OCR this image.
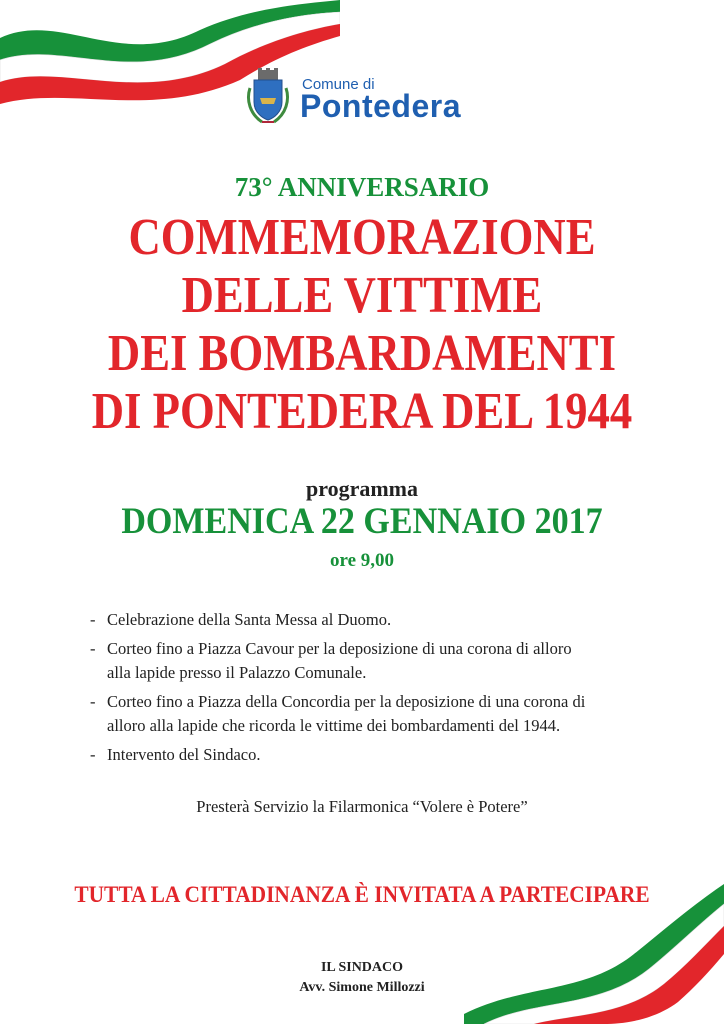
Comune di
Pontedera
73° ANNIVERSARIO
COMMEMORAZIONE
DELLE VITTIME
DEI BOMBARDAMENTI
DI PONTEDERA DEL 1944
programma
DOMENICA 22 GENNAIO 2017
ore 9,00
- Celebrazione della Santa Messa al Duomo.
- Corteo fino a Piazza Cavour per la deposizione di una corona di alloro
alla lapide presso il Palazzo Comunale.
- Corteo fino a Piazza della Concordia per la deposizione di una corona di
alloro alla lapide che ricorda le vittime dei bombardamenti del 1944.
- Intervento del Sindaco.
Presterà Servizio la Filarmonica “Volere è Potere”
TUTTA LA CITTADINANZA È INVITATA A PARTECIPARE
IL SINDACO
Avv. Simone Millozzi
